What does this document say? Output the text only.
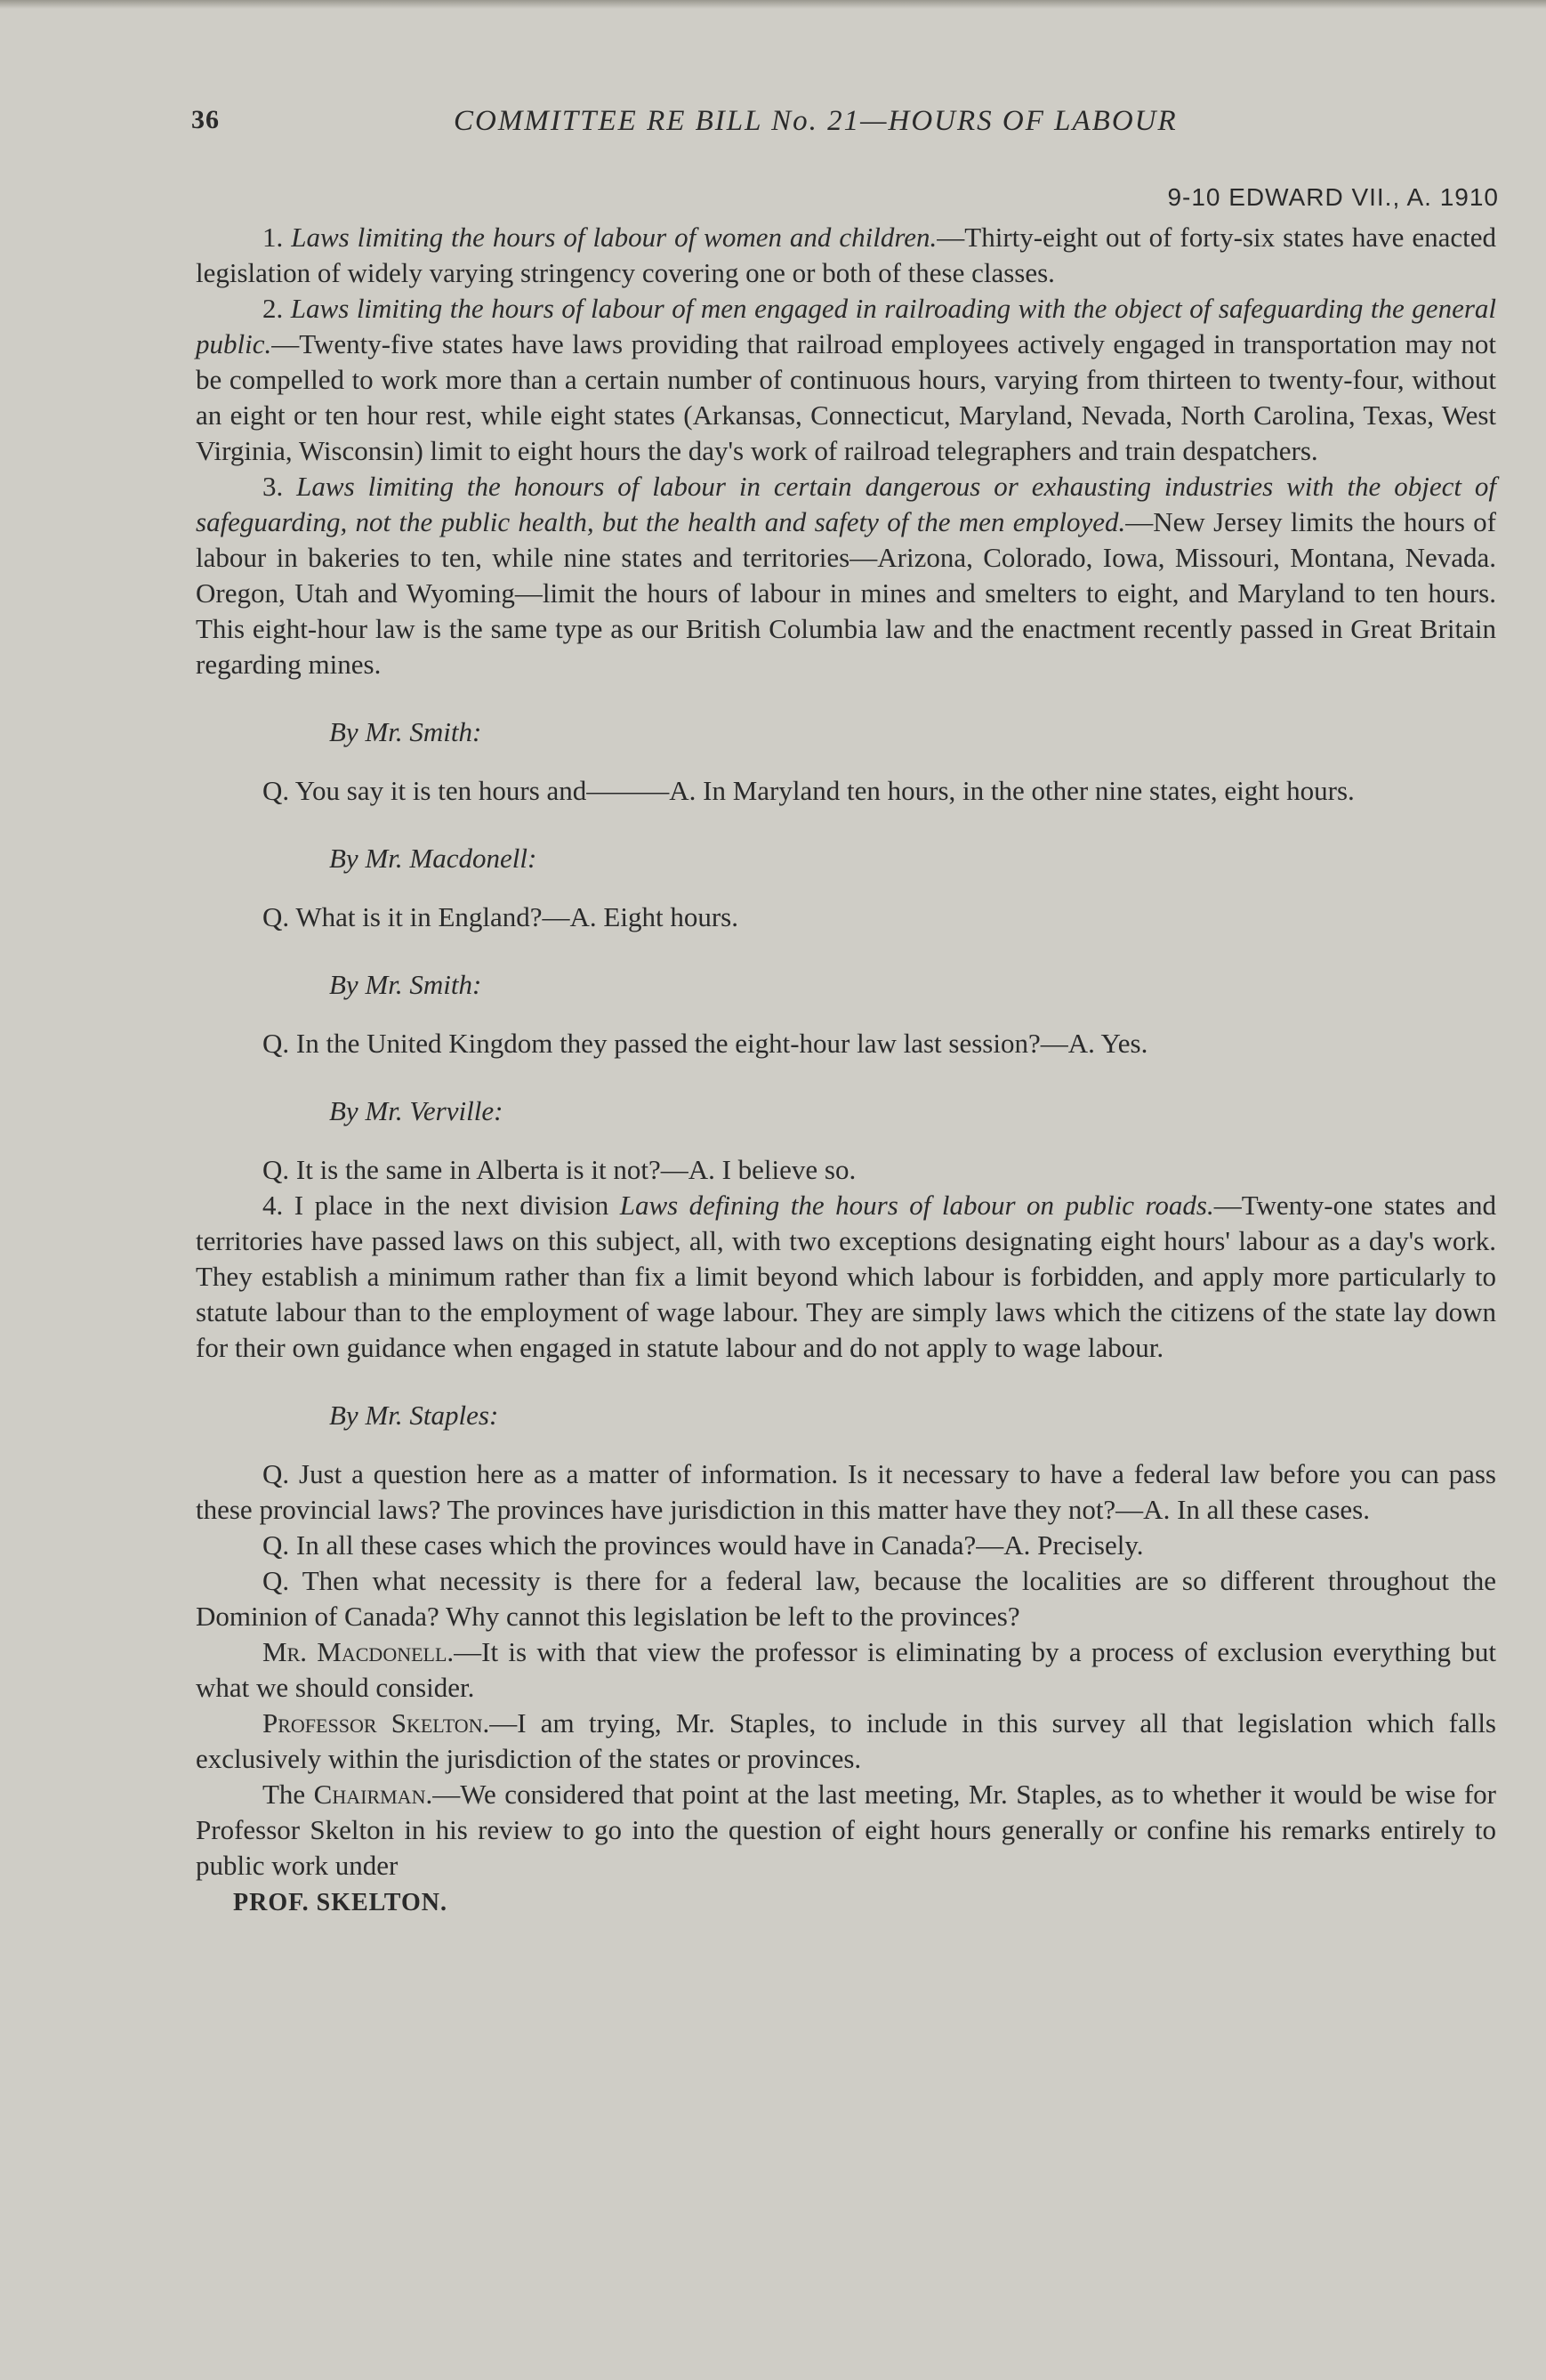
36	COMMITTEE RE BILL No. 21—HOURS OF LABOUR
9-10 EDWARD VII., A. 1910

1. Laws limiting the hours of labour of women and children.—Thirty-eight out of forty-six states have enacted legislation of widely varying stringency covering one or both of these classes.

2. Laws limiting the hours of labour of men engaged in railroading with the object of safeguarding the general public.—Twenty-five states have laws providing that railroad employees actively engaged in transportation may not be compelled to work more than a certain number of continuous hours, varying from thirteen to twenty-four, without an eight or ten hour rest, while eight states (Arkansas, Connecticut, Maryland, Nevada, North Carolina, Texas, West Virginia, Wisconsin) limit to eight hours the day's work of railroad telegraphers and train despatchers.

3. Laws limiting the honours of labour in certain dangerous or exhausting industries with the object of safeguarding, not the public health, but the health and safety of the men employed.—New Jersey limits the hours of labour in bakeries to ten, while nine states and territories—Arizona, Colorado, Iowa, Missouri, Montana, Nevada. Oregon, Utah and Wyoming—limit the hours of labour in mines and smelters to eight, and Maryland to ten hours. This eight-hour law is the same type as our British Columbia law and the enactment recently passed in Great Britain regarding mines.

By Mr. Smith:

Q. You say it is ten hours and———A. In Maryland ten hours, in the other nine states, eight hours.

By Mr. Macdonell:

Q. What is it in England?—A. Eight hours.

By Mr. Smith:

Q. In the United Kingdom they passed the eight-hour law last session?—A. Yes.

By Mr. Verville:

Q. It is the same in Alberta is it not?—A. I believe so.

4. I place in the next division Laws defining the hours of labour on public roads.—Twenty-one states and territories have passed laws on this subject, all, with two exceptions designating eight hours' labour as a day's work. They establish a minimum rather than fix a limit beyond which labour is forbidden, and apply more particularly to statute labour than to the employment of wage labour. They are simply laws which the citizens of the state lay down for their own guidance when engaged in statute labour and do not apply to wage labour.

By Mr. Staples:

Q. Just a question here as a matter of information. Is it necessary to have a federal law before you can pass these provincial laws? The provinces have jurisdiction in this matter have they not?—A. In all these cases.

Q. In all these cases which the provinces would have in Canada?—A. Precisely.

Q. Then what necessity is there for a federal law, because the localities are so different throughout the Dominion of Canada? Why cannot this legislation be left to the provinces?

Mr. Macdonell.—It is with that view the professor is eliminating by a process of exclusion everything but what we should consider.

Professor Skelton.—I am trying, Mr. Staples, to include in this survey all that legislation which falls exclusively within the jurisdiction of the states or provinces.

The Chairman.—We considered that point at the last meeting, Mr. Staples, as to whether it would be wise for Professor Skelton in his review to go into the question of eight hours generally or confine his remarks entirely to public work under

PROF. SKELTON.
